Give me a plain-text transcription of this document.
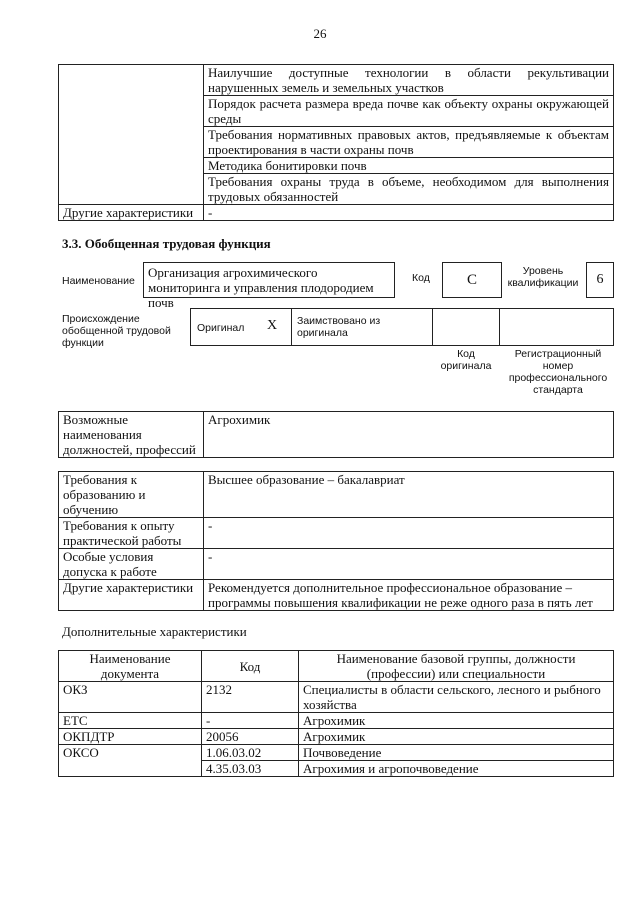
26
	Наилучшие доступные технологии в области рекультивации нарушенных земель и земельных участков
	Порядок расчета размера вреда почве как объекту охраны окружающей среды
	Требования нормативных правовых актов, предъявляемые к объектам проектирования в части охраны почв
	Методика бонитировки почв
	Требования охраны труда в объеме, необходимом для выполнения трудовых обязанностей
Другие характеристики	-
3.3. Обобщенная трудовая функция
Наименование
Организация агрохимического мониторинга и управления плодородием почв
Код	С
Уровень квалификации	6
Происхождение обобщенной трудовой функции
Оригинал Х Заимствовано из оригинала
Код оригинала
Регистрационный номер профессионального стандарта
Возможные наименования должностей, профессий	Агрохимик
Требования к образованию и обучению	Высшее образование – бакалавриат
Требования к опыту практической работы	-
Особые условия допуска к работе	-
Другие характеристики	Рекомендуется дополнительное профессиональное образование – программы повышения квалификации не реже одного раза в пять лет
Дополнительные характеристики
Наименование документа	Код	Наименование базовой группы, должности (профессии) или специальности
ОКЗ	2132	Специалисты в области сельского, лесного и рыбного хозяйства
ЕТС	-	Агрохимик
ОКПДТР	20056	Агрохимик
ОКСО	1.06.03.02	Почвоведение
	4.35.03.03	Агрохимия и агропочвоведение
